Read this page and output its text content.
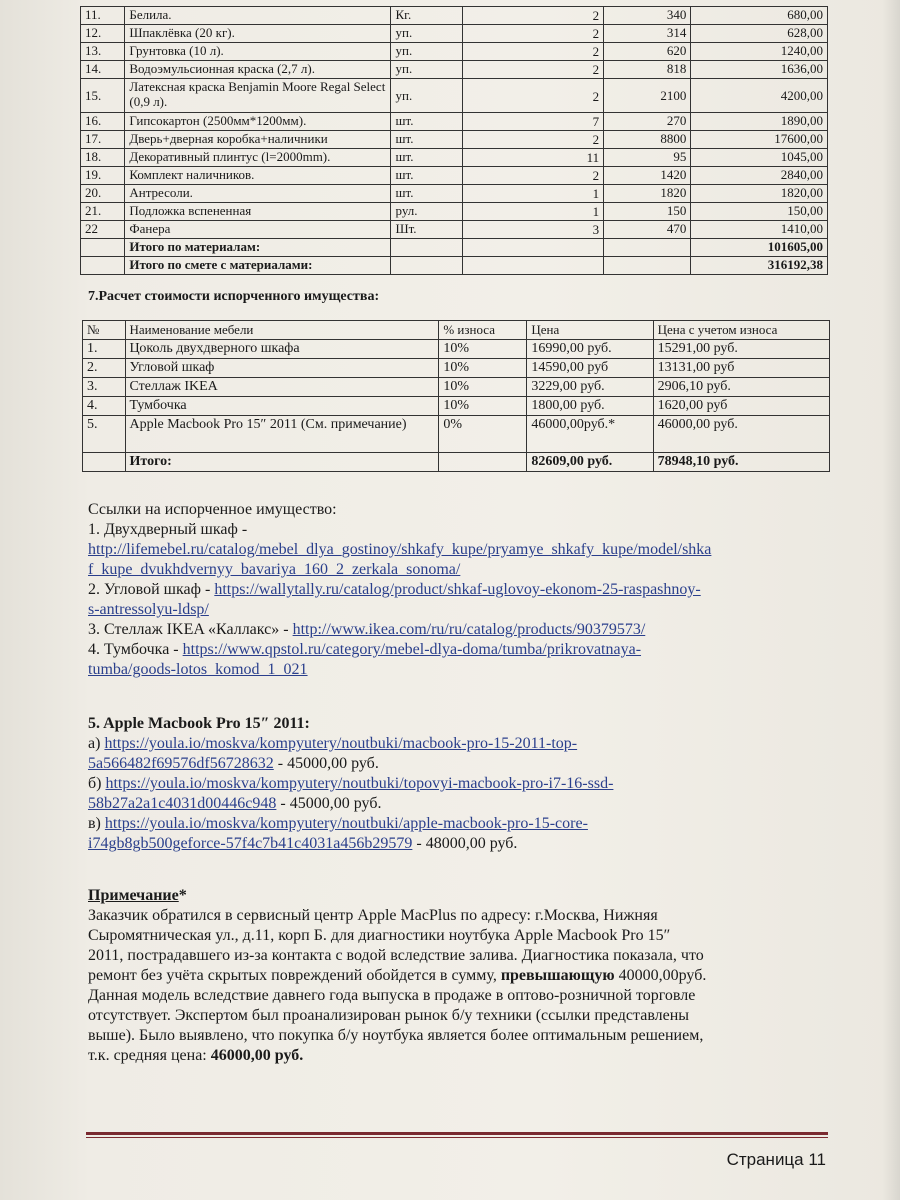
11.	Белила.	Кг.	2	340	680,00
12.	Шпаклёвка (20 кг).	уп.	2	314	628,00
13.	Грунтовка (10 л).	уп.	2	620	1240,00
14.	Водоэмульсионная краска (2,7 л).	уп.	2	818	1636,00
15.	Латексная краска Benjamin Moore Regal Select (0,9 л).	уп.	2	2100	4200,00
16.	Гипсокартон (2500мм*1200мм).	шт.	7	270	1890,00
17.	Дверь+дверная коробка+наличники	шт.	2	8800	17600,00
18.	Декоративный плинтус (l=2000mm).	шт.	11	95	1045,00
19.	Комплект наличников.	шт.	2	1420	2840,00
20.	Антресоли.	шт.	1	1820	1820,00
21.	Подложка вспененная	рул.	1	150	150,00
22	Фанера	Шт.	3	470	1410,00
	Итого по материалам:				101605,00
	Итого по смете с материалами:				316192,38
7.Расчет стоимости испорченного имущества:
№	Наименование мебели	% износа	Цена	Цена с учетом износа
1.	Цоколь двухдверного шкафа	10%	16990,00 руб.	15291,00 руб.
2.	Угловой шкаф	10%	14590,00 руб	13131,00 руб
3.	Стеллаж IKEA	10%	3229,00 руб.	2906,10 руб.
4.	Тумбочка	10%	1800,00 руб.	1620,00 руб
5.	Apple Macbook Pro 15″ 2011 (См. примечание)	0%	46000,00руб.*	46000,00 руб.
	Итого:		82609,00 руб.	78948,10 руб.
Ссылки на испорченное имущество:
1. Двухдверный шкаф -
http://lifemebel.ru/catalog/mebel_dlya_gostinoy/shkafy_kupe/pryamye_shkafy_kupe/model/shka
f_kupe_dvukhdvernyy_bavariya_160_2_zerkala_sonoma/
2. Угловой шкаф - https://wallytally.ru/catalog/product/shkaf-uglovoy-ekonom-25-raspashnoy-
s-antressolyu-ldsp/
3. Стеллаж IKEA «Каллакс» - http://www.ikea.com/ru/ru/catalog/products/90379573/
4. Тумбочка - https://www.qpstol.ru/category/mebel-dlya-doma/tumba/prikrovatnaya-
tumba/goods-lotos_komod_1_021
5. Apple Macbook Pro 15″ 2011:
а) https://youla.io/moskva/kompyutery/noutbuki/macbook-pro-15-2011-top-
5a566482f69576df56728632 - 45000,00 руб.
б) https://youla.io/moskva/kompyutery/noutbuki/topovyi-macbook-pro-i7-16-ssd-
58b27a2a1c4031d00446c948 - 45000,00 руб.
в) https://youla.io/moskva/kompyutery/noutbuki/apple-macbook-pro-15-core-
i74gb8gb500geforce-57f4c7b41c4031a456b29579 - 48000,00 руб.
Примечание*
Заказчик обратился в сервисный центр Apple MacPlus по адресу: г.Москва, Нижняя
Сыромятническая ул., д.11, корп Б. для диагностики ноутбука Apple Macbook Pro 15″
2011, пострадавшего из-за контакта с водой вследствие залива. Диагностика показала, что
ремонт без учёта скрытых повреждений обойдется в сумму, превышающую 40000,00руб.
Данная модель вследствие давнего года выпуска в продаже в оптово-розничной торговле
отсутствует. Экспертом был проанализирован рынок б/у техники (ссылки представлены
выше). Было выявлено, что покупка б/у ноутбука является более оптимальным решением,
т.к. средняя цена: 46000,00 руб.
Страница 11
